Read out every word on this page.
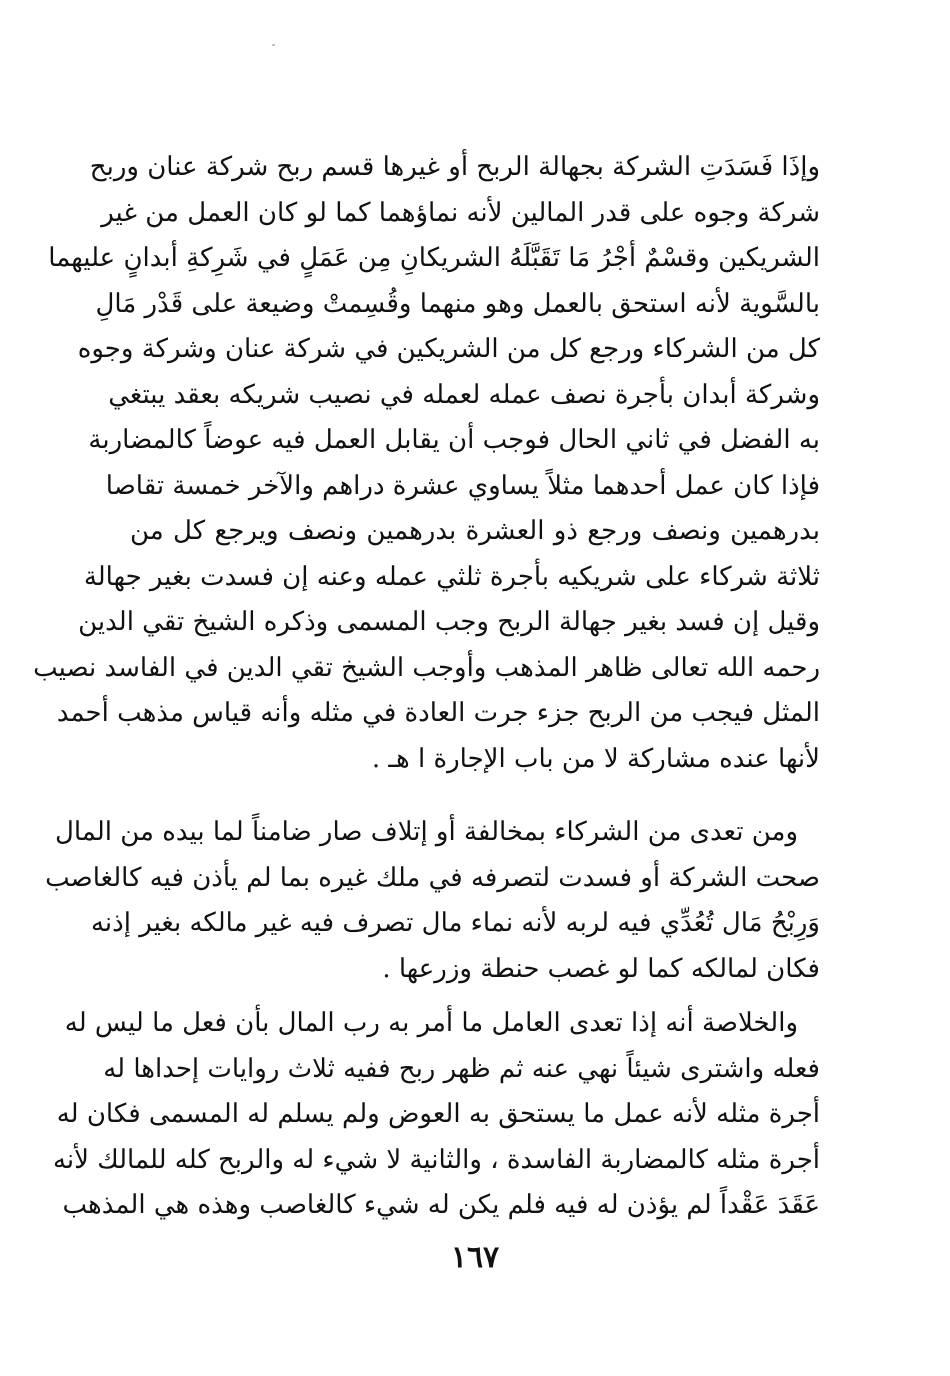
وإذَا فَسَدَتِ الشركة بجهالة الربح أو غيرها قسم ربح شركة عنان وربح
شركة وجوه على قدر المالين لأنه نماؤهما كما لو كان العمل من غير
الشريكين وقسْمٌ أجْرُ مَا تَقَبَّلَهُ الشريكانِ مِن عَمَلٍ في شَرِكةِ أبدانٍ عليهما
بالسَّوية لأنه استحق بالعمل وهو منهما وقُسِمتْ وضيعة على قَدْر مَالِ
كل من الشركاء ورجع كل من الشريكين في شركة عنان وشركة وجوه
وشركة أبدان بأجرة نصف عمله لعمله في نصيب شريكه بعقد يبتغي
به الفضل في ثاني الحال فوجب أن يقابل العمل فيه عوضاً كالمضاربة
فإذا كان عمل أحدهما مثلاً يساوي عشرة دراهم والآخر خمسة تقاصا
بدرهمين ونصف ورجع ذو العشرة بدرهمين ونصف ويرجع كل من
ثلاثة شركاء على شريكيه بأجرة ثلثي عمله وعنه إن فسدت بغير جهالة
وقيل إن فسد بغير جهالة الربح وجب المسمى وذكره الشيخ تقي الدين
رحمه الله تعالى ظاهر المذهب وأوجب الشيخ تقي الدين في الفاسد نصيب
المثل فيجب من الربح جزء جرت العادة في مثله وأنه قياس مذهب أحمد
لأنها عنده مشاركة لا من باب الإجارة ا هـ .
ومن تعدى من الشركاء بمخالفة أو إتلاف صار ضامناً لما بيده من المال
صحت الشركة أو فسدت لتصرفه في ملك غيره بما لم يأذن فيه كالغاصب
وَرِبْحُ مَال تُعُدِّي فيه لربه لأنه نماء مال تصرف فيه غير مالكه بغير إذنه
فكان لمالكه كما لو غصب حنطة وزرعها .
والخلاصة أنه إذا تعدى العامل ما أمر به رب المال بأن فعل ما ليس له
فعله واشترى شيئاً نهي عنه ثم ظهر ربح ففيه ثلاث روايات إحداها له
أجرة مثله لأنه عمل ما يستحق به العوض ولم يسلم له المسمى فكان له
أجرة مثله كالمضاربة الفاسدة ، والثانية لا شيء له والربح كله للمالك لأنه
عَقَدَ عَقْداً لم يؤذن له فيه فلم يكن له شيء كالغاصب وهذه هي المذهب
١٦٧
